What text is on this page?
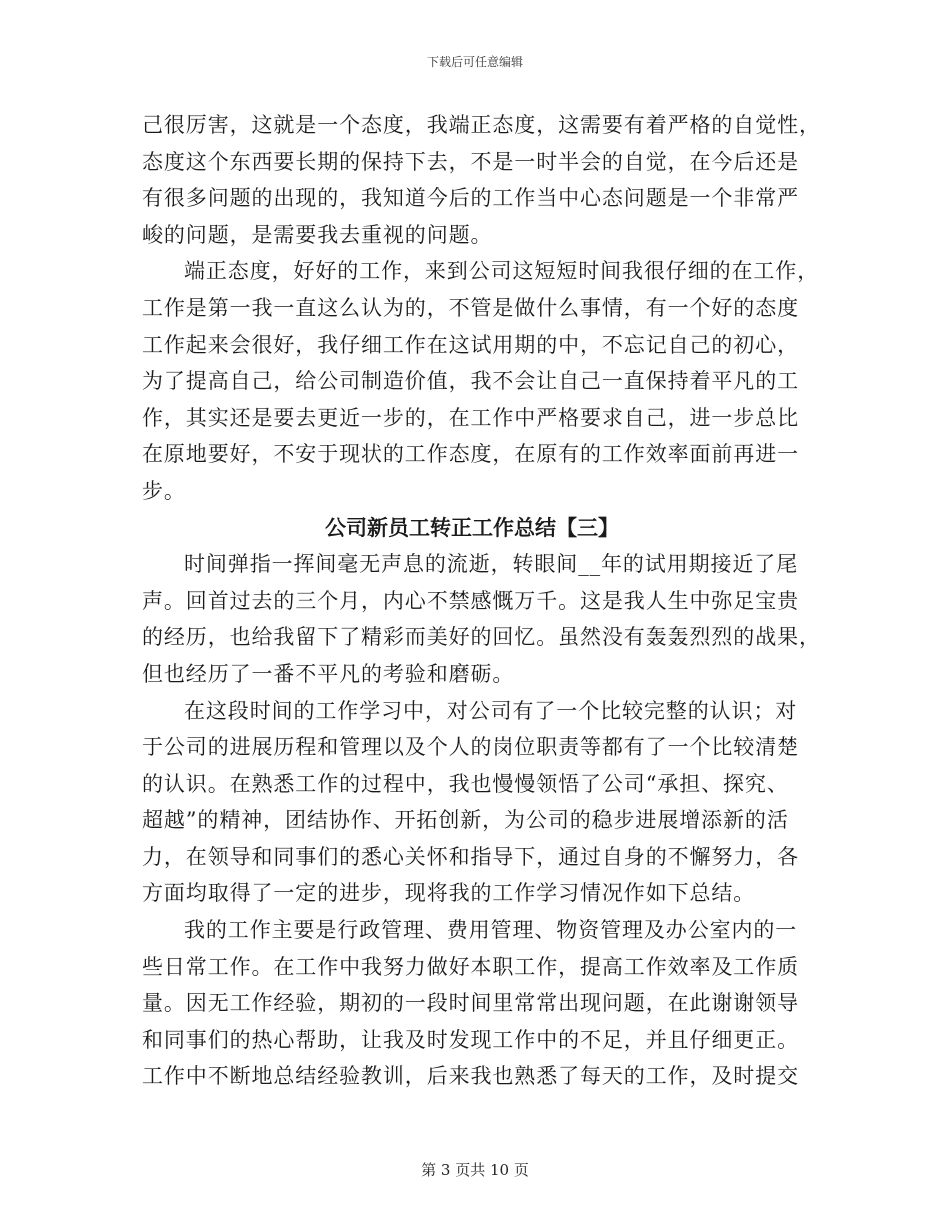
下载后可任意编辑
己很厉害，这就是一个态度，我端正态度，这需要有着严格的自觉性，
态度这个东西要长期的保持下去，不是一时半会的自觉，在今后还是
有很多问题的出现的，我知道今后的工作当中心态问题是一个非常严
峻的问题，是需要我去重视的问题。
端正态度，好好的工作，来到公司这短短时间我很仔细的在工作，
工作是第一我一直这么认为的，不管是做什么事情，有一个好的态度
工作起来会很好，我仔细工作在这试用期的中，不忘记自己的初心，
为了提高自己，给公司制造价值，我不会让自己一直保持着平凡的工
作，其实还是要去更近一步的，在工作中严格要求自己，进一步总比
在原地要好，不安于现状的工作态度，在原有的工作效率面前再进一
步。
公司新员工转正工作总结【三】
时间弹指一挥间毫无声息的流逝，转眼间__年的试用期接近了尾
声。回首过去的三个月，内心不禁感慨万千。这是我人生中弥足宝贵
的经历，也给我留下了精彩而美好的回忆。虽然没有轰轰烈烈的战果，
但也经历了一番不平凡的考验和磨砺。
在这段时间的工作学习中，对公司有了一个比较完整的认识；对
于公司的进展历程和管理以及个人的岗位职责等都有了一个比较清楚
的认识。在熟悉工作的过程中，我也慢慢领悟了公司“承担、探究、
超越”的精神，团结协作、开拓创新，为公司的稳步进展增添新的活
力，在领导和同事们的悉心关怀和指导下，通过自身的不懈努力，各
方面均取得了一定的进步，现将我的工作学习情况作如下总结。
我的工作主要是行政管理、费用管理、物资管理及办公室内的一
些日常工作。在工作中我努力做好本职工作，提高工作效率及工作质
量。因无工作经验，期初的一段时间里常常出现问题，在此谢谢领导
和同事们的热心帮助，让我及时发现工作中的不足，并且仔细更正。
工作中不断地总结经验教训，后来我也熟悉了每天的工作，及时提交
第 3 页共 10 页
